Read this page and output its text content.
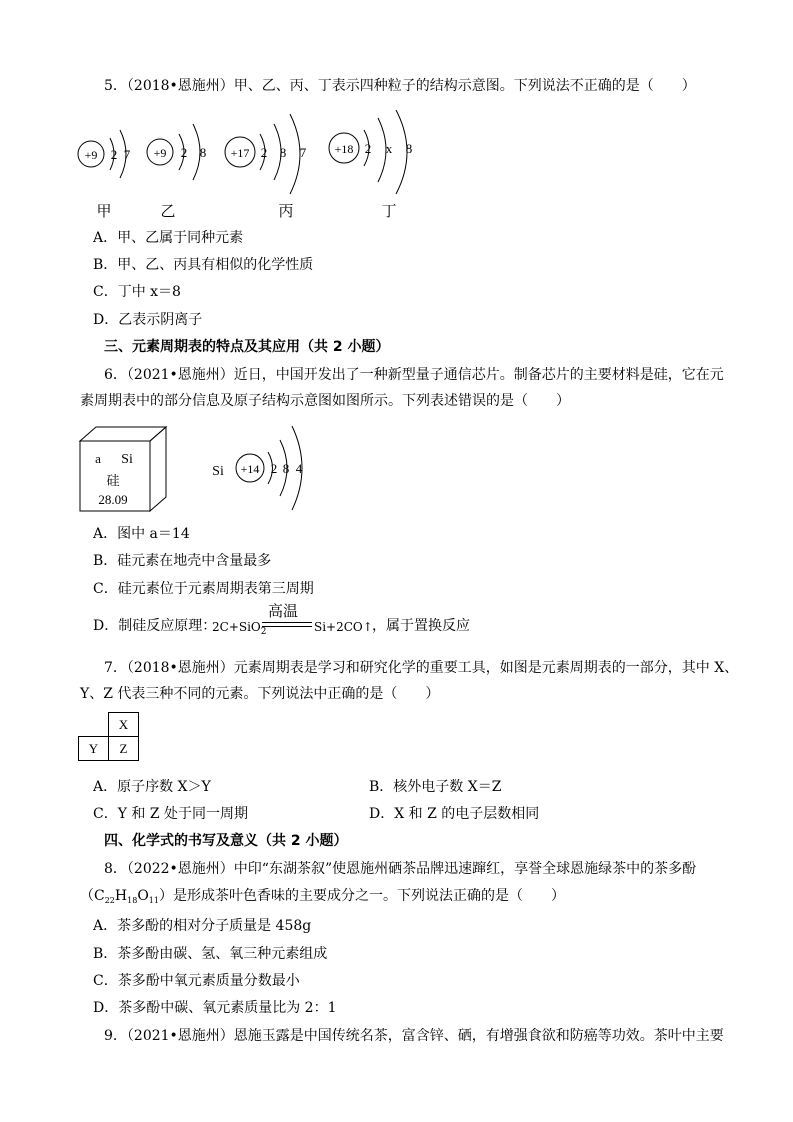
5．（2018•恩施州）甲、乙、丙、丁表示四种粒子的结构示意图。下列说法不正确的是（　　）
+9 2 7
甲
+9 2 8
乙
+17 2 8 7
丙
+18 2 x 8
丁
A．甲、乙属于同种元素
B．甲、乙、丙具有相似的化学性质
C．丁中 x＝8
D．乙表示阴离子
三、元素周期表的特点及其应用（共 2 小题）
6．（2021•恩施州）近日，中国开发出了一种新型量子通信芯片。制备芯片的主要材料是硅，它在元
素周期表中的部分信息及原子结构示意图如图所示。下列表述错误的是（　　）
a Si
硅
28.09
Si +14 2 8 4
A．图中 a＝14
B．硅元素在地壳中含量最多
C．硅元素位于元素周期表第三周期
D．制硅反应原理：
2C+SiO$_2$
高温
Si+2CO↑ ，属于置换反应
7．（2018•恩施州）元素周期表是学习和研究化学的重要工具，如图是元素周期表的一部分，其中 X、
Y、Z 代表三种不同的元素。下列说法中正确的是（　　）
	X
Y	Z
A．原子序数 X＞Y	B．核外电子数 X＝Z
C．Y 和 Z 处于同一周期	D．X 和 Z 的电子层数相同
四、化学式的书写及意义（共 2 小题）
8．（2022•恩施州）中印“东湖茶叙”使恩施州硒茶品牌迅速蹿红，享誉全球恩施绿茶中的茶多酚
$(C_{22}H_{18}O_{11})$是形成茶叶色香味的主要成分之一。下列说法正确的是（　　）
A．茶多酚的相对分子质量是 458g
B．茶多酚由碳、氢、氧三种元素组成
C．茶多酚中氧元素质量分数最小
D．茶多酚中碳、氧元素质量比为 2：1
9．（2021•恩施州）恩施玉露是中国传统名茶，富含锌、硒，有增强食欲和防癌等功效。茶叶中主要
